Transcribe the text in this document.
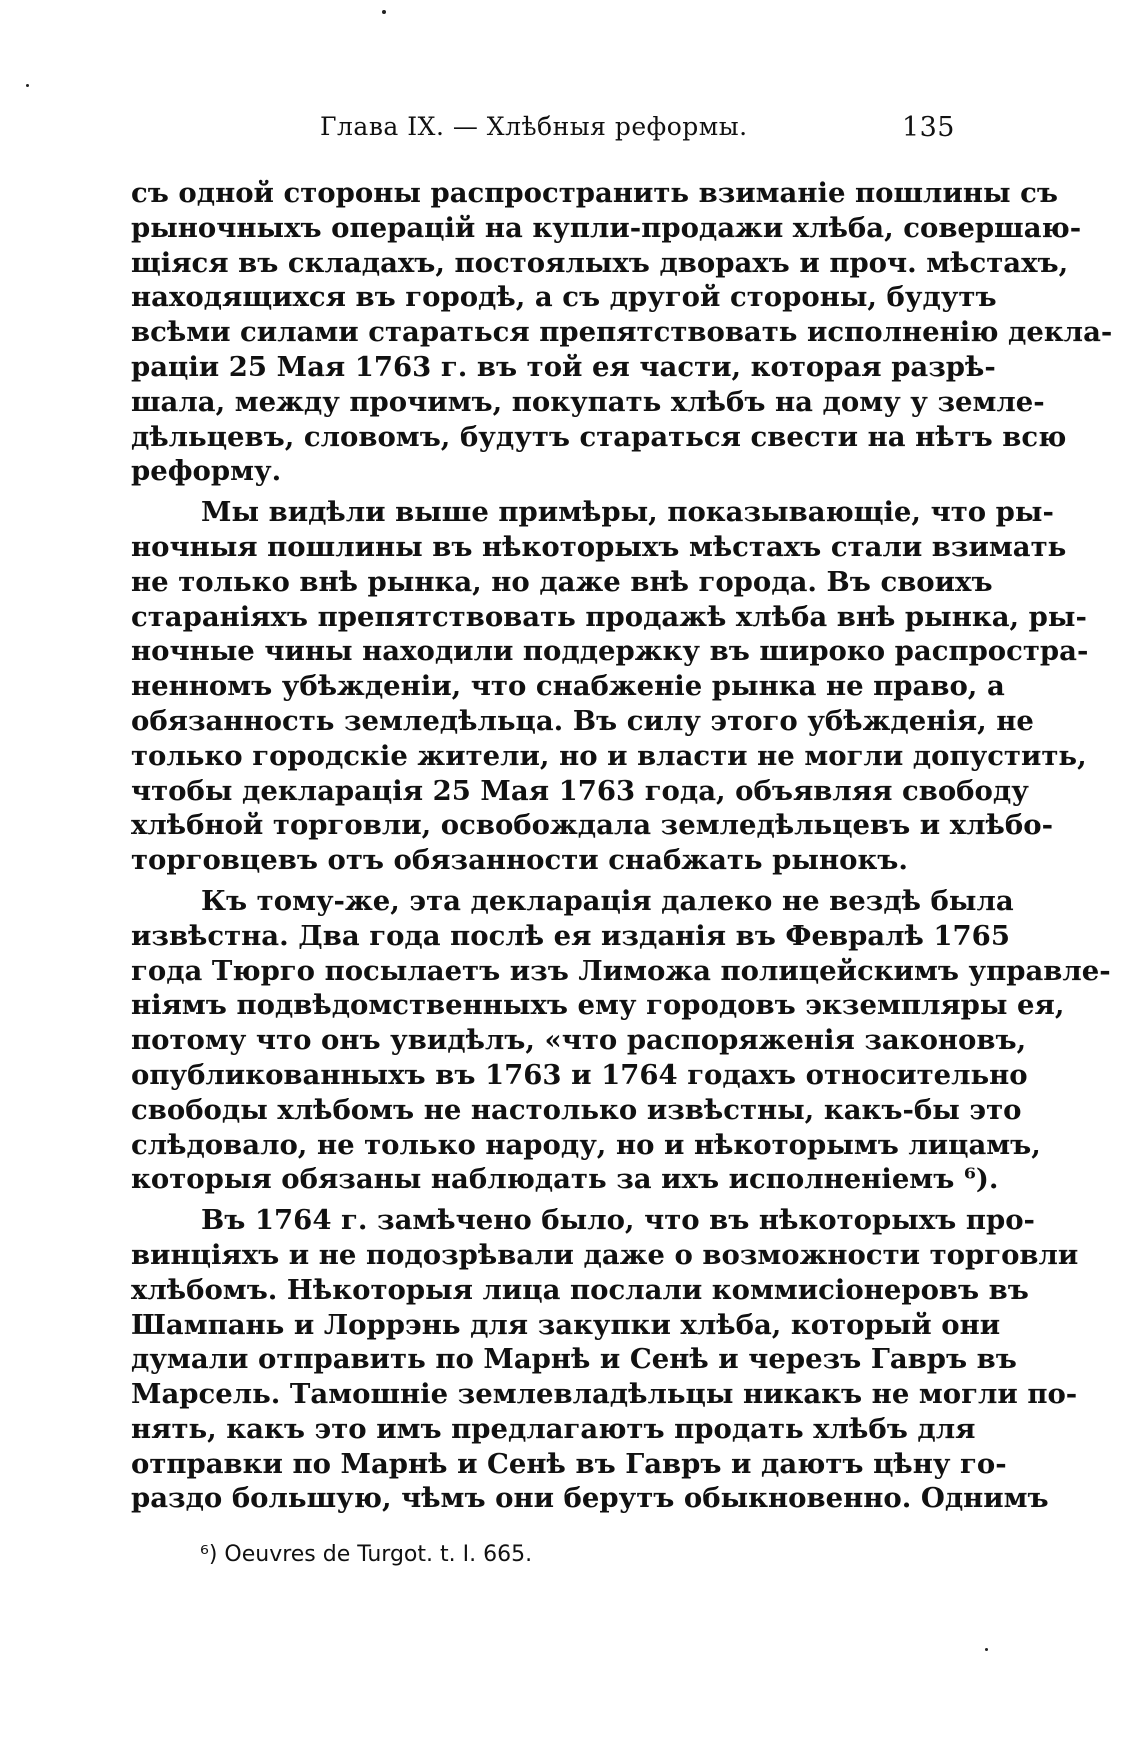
Глава IX. — Хлѣбныя реформы.	135
съ одной стороны распространить взиманіе пошлины съ
рыночныхъ операцій на купли-продажи хлѣба, совершаю-
щіяся въ складахъ, постоялыхъ дворахъ и проч. мѣстахъ,
находящихся въ городѣ, а съ другой стороны, будутъ
всѣми силами стараться препятствовать исполненію декла-
раціи 25 Мая 1763 г. въ той ея части, которая разрѣ-
шала, между прочимъ, покупать хлѣбъ на дому у земле-
дѣльцевъ, словомъ, будутъ стараться свести на нѣтъ всю
реформу.
Мы видѣли выше примѣры, показывающіе, что ры-
ночныя пошлины въ нѣкоторыхъ мѣстахъ стали взимать
не только внѣ рынка, но даже внѣ города. Въ своихъ
стараніяхъ препятствовать продажѣ хлѣба внѣ рынка, ры-
ночные чины находили поддержку въ широко распростра-
ненномъ убѣжденіи, что снабженіе рынка не право, а
обязанность земледѣльца. Въ силу этого убѣжденія, не
только городскіе жители, но и власти не могли допустить,
чтобы декларація 25 Мая 1763 года, объявляя свободу
хлѣбной торговли, освобождала земледѣльцевъ и хлѣбо-
торговцевъ отъ обязанности снабжать рынокъ.
Къ тому-же, эта декларація далеко не вездѣ была
извѣстна. Два года послѣ ея изданія въ Февралѣ 1765
года Тюрго посылаетъ изъ Лиможа полицейскимъ управле-
ніямъ подвѣдомственныхъ ему городовъ экземпляры ея,
потому что онъ увидѣлъ, «что распоряженія законовъ,
опубликованныхъ въ 1763 и 1764 годахъ относительно
свободы хлѣбомъ не настолько извѣстны, какъ-бы это
слѣдовало, не только народу, но и нѣкоторымъ лицамъ,
которыя обязаны наблюдать за ихъ исполненіемъ ⁶).
Въ 1764 г. замѣчено было, что въ нѣкоторыхъ про-
винціяхъ и не подозрѣвали даже о возможности торговли
хлѣбомъ. Нѣкоторыя лица послали коммисіонеровъ въ
Шампань и Лоррэнь для закупки хлѣба, который они
думали отправить по Марнѣ и Сенѣ и черезъ Гавръ въ
Марсель. Тамошніе землевладѣльцы никакъ не могли по-
нять, какъ это имъ предлагаютъ продать хлѣбъ для
отправки по Марнѣ и Сенѣ въ Гавръ и даютъ цѣну го-
раздо большую, чѣмъ они берутъ обыкновенно. Однимъ
⁶) Oeuvres de Turgot. t. I. 665.
